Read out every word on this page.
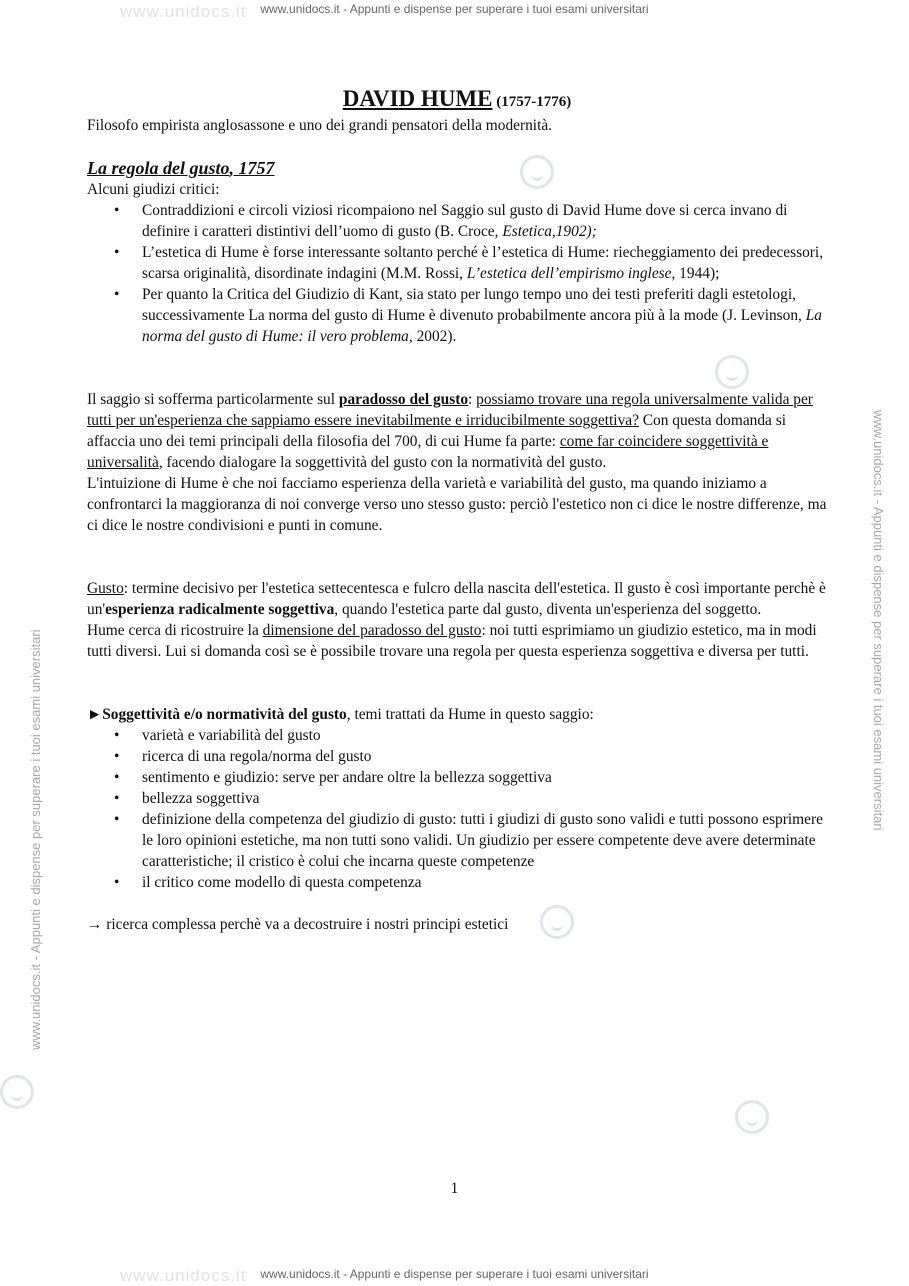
www.unidocs.it - Appunti e dispense per superare i tuoi esami universitari
www.unidocs.it - Appunti e dispense per superare i tuoi esami universitari
www.unidocs.it - Appunti e dispense per superare i tuoi esami universitari
www.unidocs.it - Appunti e dispense per superare i tuoi esami universitari
www.unidocs.it
www.unidocs.it
DAVID HUME (1757-1776)

Filosofo empirista anglosassone e uno dei grandi pensatori della modernità.

La regola del gusto, 1757

Alcuni giudizi critici:

• Contraddizioni e circoli viziosi ricompaiono nel Saggio sul gusto di David Hume dove si cerca invano di definire i caratteri distintivi dell’uomo di gusto (B. Croce, Estetica,1902);
• L’estetica di Hume è forse interessante soltanto perché è l’estetica di Hume: riecheggiamento dei predecessori, scarsa originalità, disordinate indagini (M.M. Rossi, L’estetica dell’empirismo inglese, 1944);
• Per quanto la Critica del Giudizio di Kant, sia stato per lungo tempo uno dei testi preferiti dagli estetologi, successivamente La norma del gusto di Hume è divenuto probabilmente ancora più à la mode (J. Levinson, La norma del gusto di Hume: il vero problema, 2002).

Il saggio si sofferma particolarmente sul paradosso del gusto: possiamo trovare una regola universalmente valida per tutti per un'esperienza che sappiamo essere inevitabilmente e irriducibilmente soggettiva? Con questa domanda si affaccia uno dei temi principali della filosofia del 700, di cui Hume fa parte: come far coincidere soggettività e universalità, facendo dialogare la soggettività del gusto con la normatività del gusto.

L'intuizione di Hume è che noi facciamo esperienza della varietà e variabilità del gusto, ma quando iniziamo a confrontarci la maggioranza di noi converge verso uno stesso gusto: perciò l'estetico non ci dice le nostre differenze, ma ci dice le nostre condivisioni e punti in comune.

Gusto: termine decisivo per l'estetica settecentesca e fulcro della nascita dell'estetica. Il gusto è così importante perchè è un'esperienza radicalmente soggettiva, quando l'estetica parte dal gusto, diventa un'esperienza del soggetto.

Hume cerca di ricostruire la dimensione del paradosso del gusto: noi tutti esprimiamo un giudizio estetico, ma in modi tutti diversi. Lui si domanda così se è possibile trovare una regola per questa esperienza soggettiva e diversa per tutti.

►Soggettività e/o normatività del gusto, temi trattati da Hume in questo saggio:

• varietà e variabilità del gusto
• ricerca di una regola/norma del gusto
• sentimento e giudizio: serve per andare oltre la bellezza soggettiva
• bellezza soggettiva
• definizione della competenza del giudizio di gusto: tutti i giudizi di gusto sono validi e tutti possono esprimere le loro opinioni estetiche, ma non tutti sono validi. Un giudizio per essere competente deve avere determinate caratteristiche; il cristico è colui che incarna queste competenze
• il critico come modello di questa competenza

→ ricerca complessa perchè va a decostruire i nostri principi estetici

1
